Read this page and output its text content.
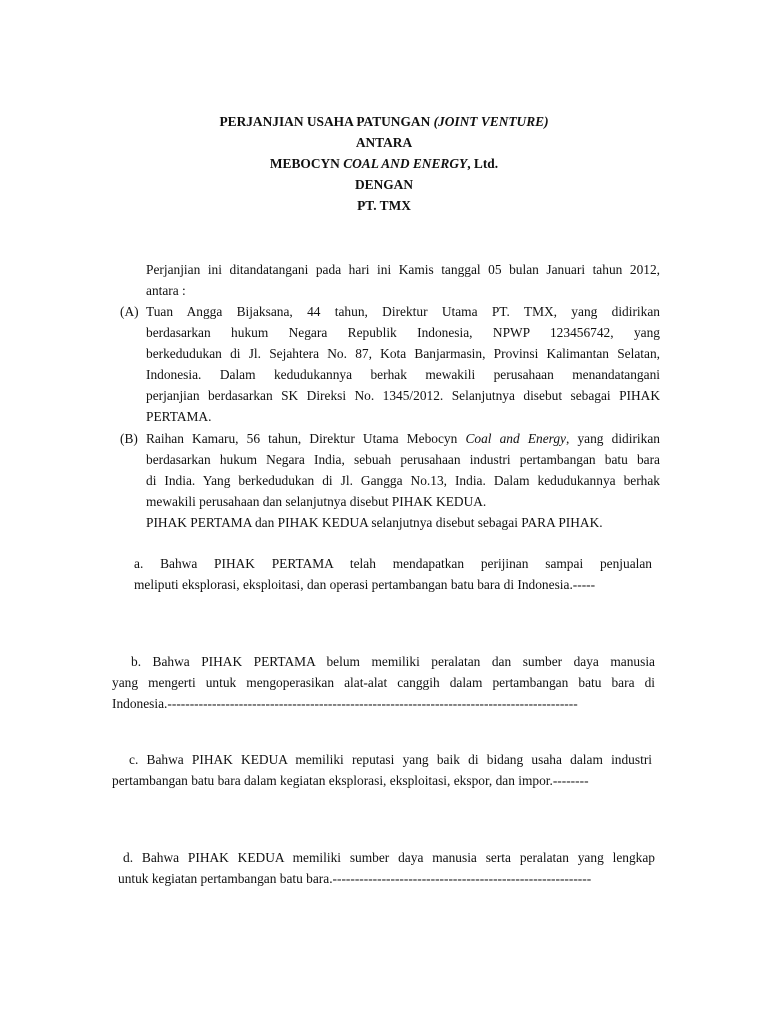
PERJANJIAN USAHA PATUNGAN (JOINT VENTURE)
ANTARA
MEBOCYN COAL AND ENERGY, Ltd.
DENGAN
PT. TMX
Perjanjian ini ditandatangani pada hari ini Kamis tanggal 05 bulan Januari tahun 2012,
antara :
(A) Tuan Angga Bijaksana, 44 tahun, Direktur Utama PT. TMX, yang didirikan
berdasarkan hukum Negara Republik Indonesia, NPWP 123456742, yang
berkedudukan di Jl. Sejahtera No. 87, Kota Banjarmasin, Provinsi Kalimantan Selatan,
Indonesia. Dalam kedudukannya berhak mewakili perusahaan menandatangani
perjanjian berdasarkan SK Direksi No. 1345/2012. Selanjutnya disebut sebagai PIHAK
PERTAMA.
(B) Raihan Kamaru, 56 tahun, Direktur Utama Mebocyn Coal and Energy, yang didirikan
berdasarkan hukum Negara India, sebuah perusahaan industri pertambangan batu bara
di India. Yang berkedudukan di Jl. Gangga No.13, India. Dalam kedudukannya berhak
mewakili perusahaan dan selanjutnya disebut PIHAK KEDUA.
PIHAK PERTAMA dan PIHAK KEDUA selanjutnya disebut sebagai PARA PIHAK.
a. Bahwa PIHAK PERTAMA telah mendapatkan perijinan sampai penjualan
meliputi eksplorasi, eksploitasi, dan operasi pertambangan batu bara di Indonesia.-----
b. Bahwa PIHAK PERTAMA belum memiliki peralatan dan sumber daya manusia
yang mengerti untuk mengoperasikan alat-alat canggih dalam pertambangan batu bara di
Indonesia.--------------------------------------------------------------------------------------------
c. Bahwa PIHAK KEDUA memiliki reputasi yang baik di bidang usaha dalam industri
pertambangan batu bara dalam kegiatan eksplorasi, eksploitasi, ekspor, dan impor.--------
d. Bahwa PIHAK KEDUA memiliki sumber daya manusia serta peralatan yang lengkap
untuk kegiatan pertambangan batu bara.----------------------------------------------------------
